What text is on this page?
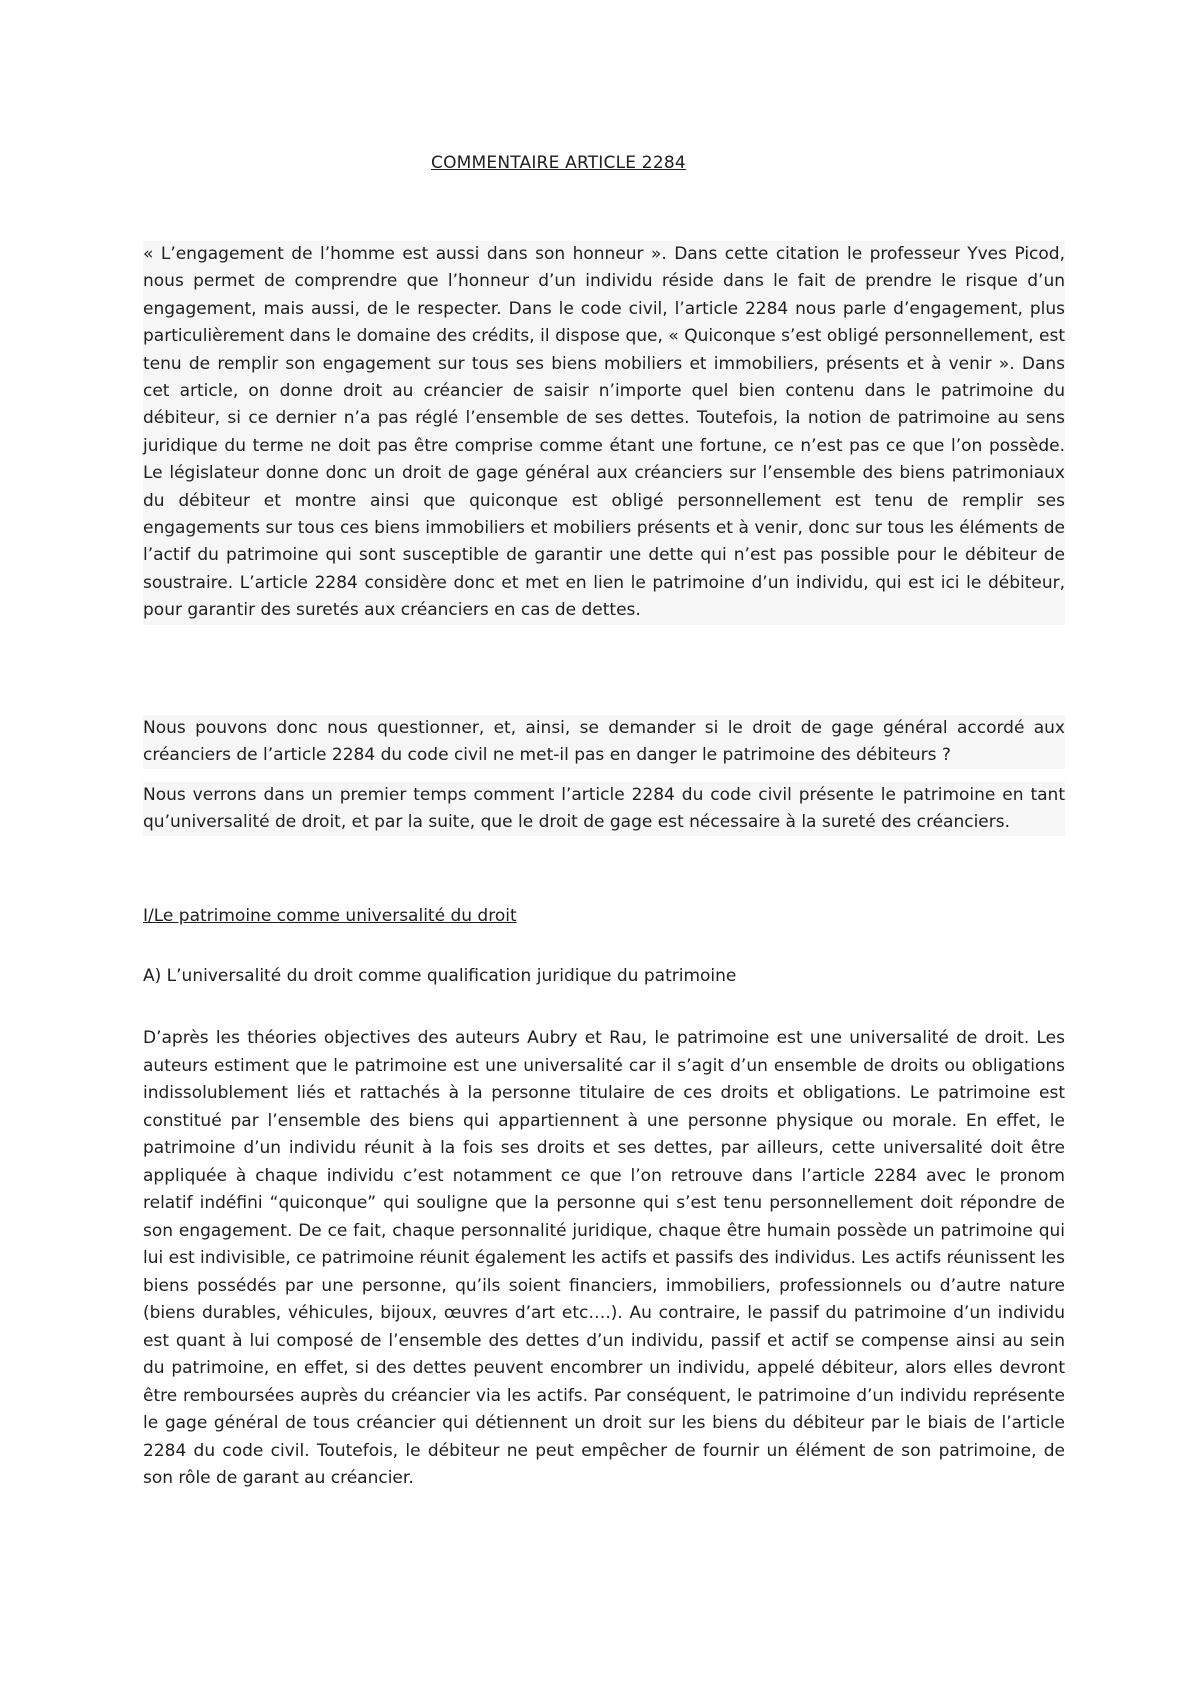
COMMENTAIRE ARTICLE 2284

« L’engagement de l’homme est aussi dans son honneur ». Dans cette citation le professeur Yves Picod, nous permet de comprendre que l’honneur d’un individu réside dans le fait de prendre le risque d’un engagement, mais aussi, de le respecter. Dans le code civil, l’article 2284 nous parle d’engagement, plus particulièrement dans le domaine des crédits, il dispose que, « Quiconque s’est obligé personnellement, est tenu de remplir son engagement sur tous ses biens mobiliers et immobiliers, présents et à venir ». Dans cet article, on donne droit au créancier de saisir n’importe quel bien contenu dans le patrimoine du débiteur, si ce dernier n’a pas réglé l’ensemble de ses dettes. Toutefois, la notion de patrimoine au sens juridique du terme ne doit pas être comprise comme étant une fortune, ce n’est pas ce que l’on possède. Le législateur donne donc un droit de gage général aux créanciers sur l’ensemble des biens patrimoniaux du débiteur et montre ainsi que quiconque est obligé personnellement est tenu de remplir ses engagements sur tous ces biens immobiliers et mobiliers présents et à venir, donc sur tous les éléments de l’actif du patrimoine qui sont susceptible de garantir une dette qui n’est pas possible pour le débiteur de soustraire. L’article 2284 considère donc et met en lien le patrimoine d’un individu, qui est ici le débiteur, pour garantir des suretés aux créanciers en cas de dettes.

Nous pouvons donc nous questionner, et, ainsi, se demander si le droit de gage général accordé aux créanciers de l’article 2284 du code civil ne met-il pas en danger le patrimoine des débiteurs ?

Nous verrons dans un premier temps comment l’article 2284 du code civil présente le patrimoine en tant qu’universalité de droit, et par la suite, que le droit de gage est nécessaire à la sureté des créanciers.

I/Le patrimoine comme universalité du droit
A) L’universalité du droit comme qualification juridique du patrimoine

D’après les théories objectives des auteurs Aubry et Rau, le patrimoine est une universalité de droit. Les auteurs estiment que le patrimoine est une universalité car il s’agit d’un ensemble de droits ou obligations indissolublement liés et rattachés à la personne titulaire de ces droits et obligations. Le patrimoine est constitué par l’ensemble des biens qui appartiennent à une personne physique ou morale. En effet, le patrimoine d’un individu réunit à la fois ses droits et ses dettes, par ailleurs, cette universalité doit être appliquée à chaque individu c’est notamment ce que l’on retrouve dans l’article 2284 avec le pronom relatif indéfini “quiconque” qui souligne que la personne qui s’est tenu personnellement doit répondre de son engagement. De ce fait, chaque personnalité juridique, chaque être humain possède un patrimoine qui lui est indivisible, ce patrimoine réunit également les actifs et passifs des individus. Les actifs réunissent les biens possédés par une personne, qu’ils soient financiers, immobiliers, professionnels ou d’autre nature (biens durables, véhicules, bijoux, œuvres d’art etc….). Au contraire, le passif du patrimoine d’un individu est quant à lui composé de l’ensemble des dettes d’un individu, passif et actif se compense ainsi au sein du patrimoine, en effet, si des dettes peuvent encombrer un individu, appelé débiteur, alors elles devront être remboursées auprès du créancier via les actifs. Par conséquent, le patrimoine d’un individu représente le gage général de tous créancier qui détiennent un droit sur les biens du débiteur par le biais de l’article 2284 du code civil. Toutefois, le débiteur ne peut empêcher de fournir un élément de son patrimoine, de son rôle de garant au créancier.
